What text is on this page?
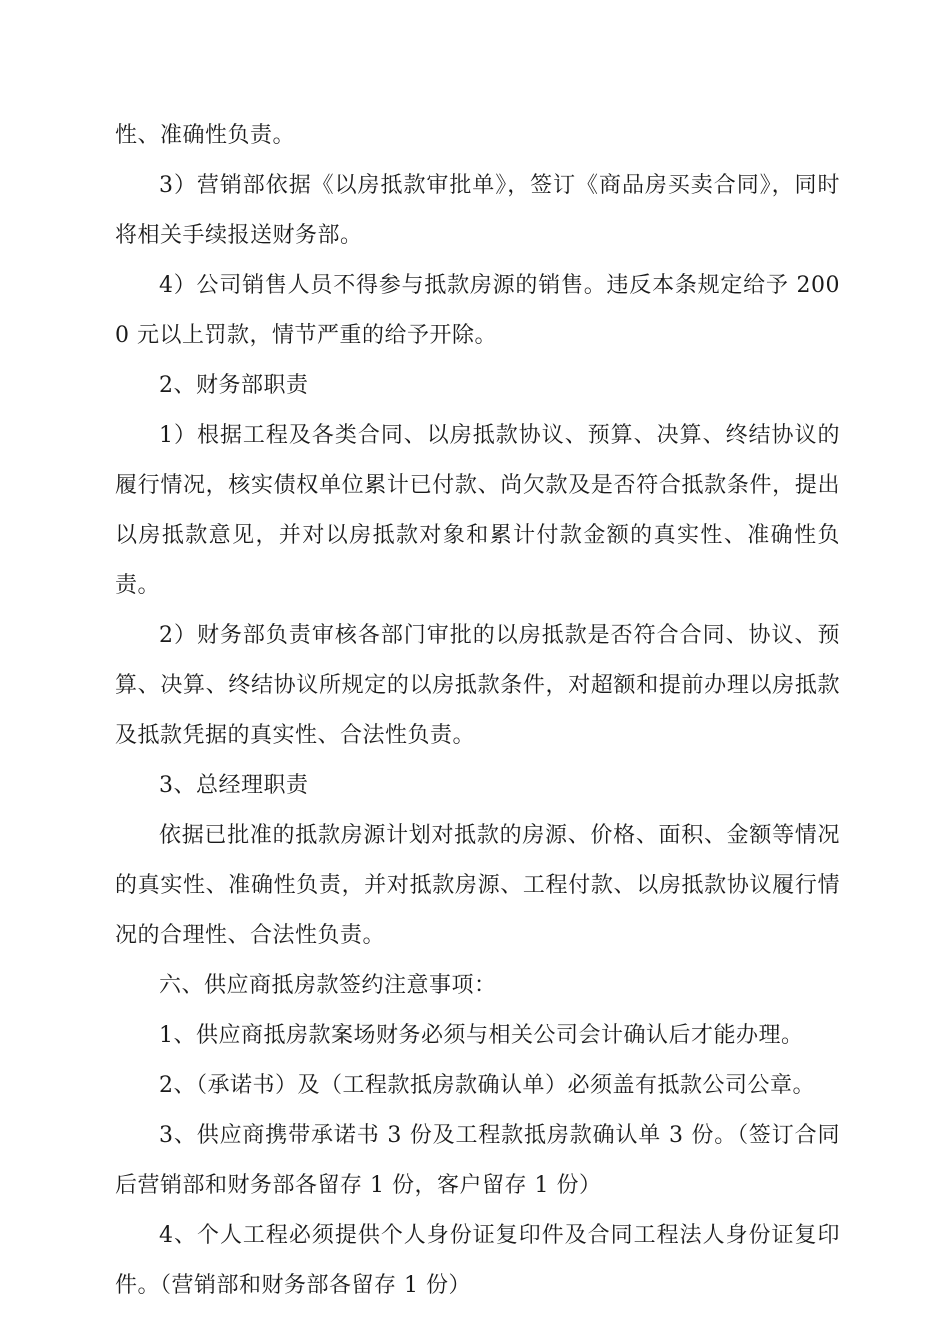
性、准确性负责。

3）营销部依据《以房抵款审批单》，签订《商品房买卖合同》，同时将相关手续报送财务部。

4）公司销售人员不得参与抵款房源的销售。违反本条规定给予 2000 元以上罚款，情节严重的给予开除。

2、财务部职责

1）根据工程及各类合同、以房抵款协议、预算、决算、终结协议的履行情况，核实债权单位累计已付款、尚欠款及是否符合抵款条件，提出以房抵款意见，并对以房抵款对象和累计付款金额的真实性、准确性负责。

2）财务部负责审核各部门审批的以房抵款是否符合合同、协议、预算、决算、终结协议所规定的以房抵款条件，对超额和提前办理以房抵款及抵款凭据的真实性、合法性负责。

3、总经理职责

依据已批准的抵款房源计划对抵款的房源、价格、面积、金额等情况的真实性、准确性负责，并对抵款房源、工程付款、以房抵款协议履行情况的合理性、合法性负责。

六、供应商抵房款签约注意事项：

1、供应商抵房款案场财务必须与相关公司会计确认后才能办理。

2、（承诺书）及（工程款抵房款确认单）必须盖有抵款公司公章。

3、供应商携带承诺书 3 份及工程款抵房款确认单 3 份。（签订合同后营销部和财务部各留存 1 份，客户留存 1 份）

4、个人工程必须提供个人身份证复印件及合同工程法人身份证复印件。（营销部和财务部各留存 1 份）
